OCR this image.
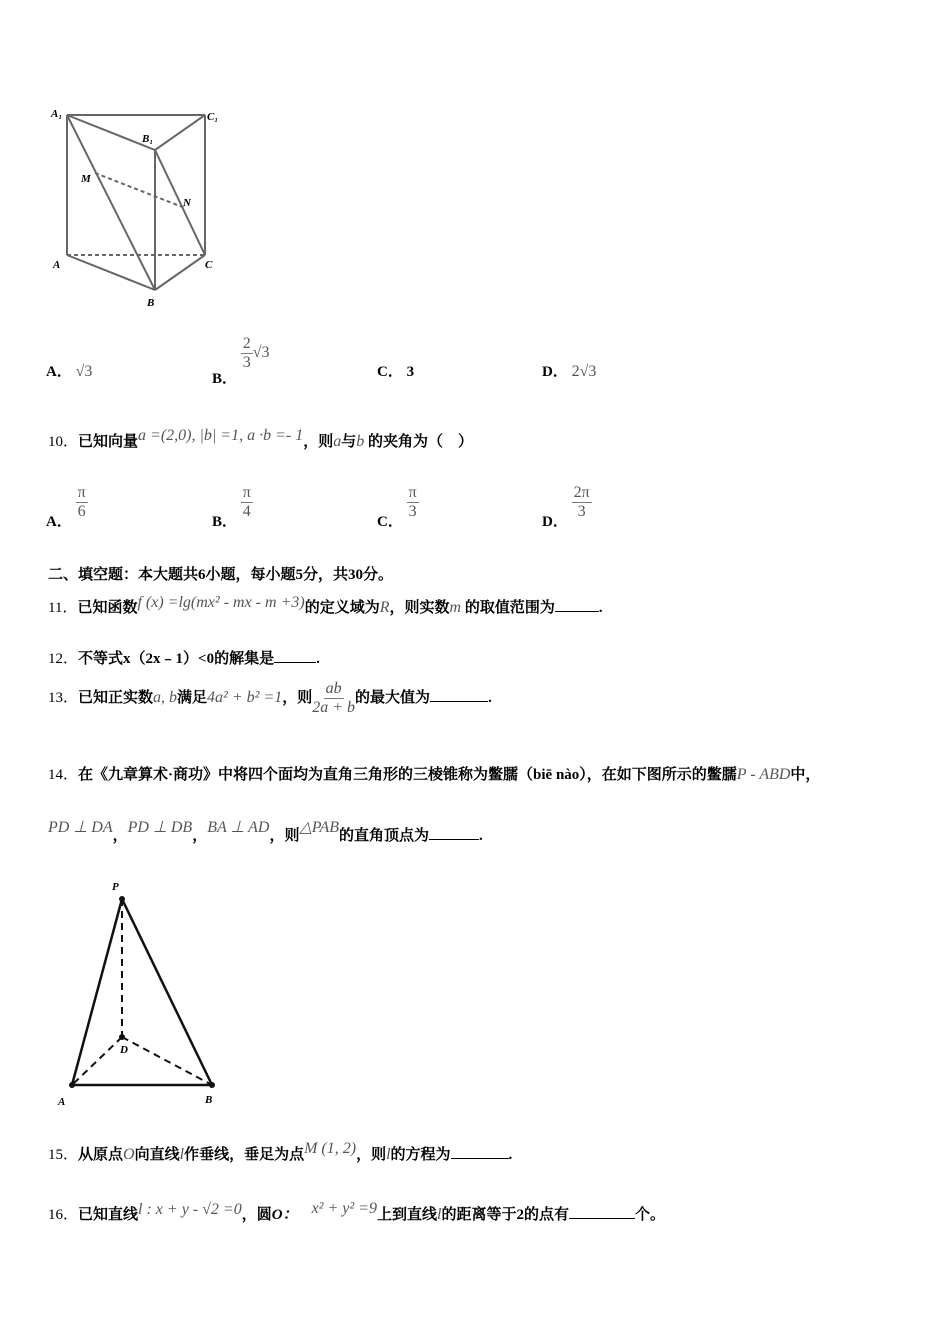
A₁	C₁
B₁
M
N
A	C
B
A． √3	B．
$\frac{2}{3} √3$
C． 3	D． 2√3
10．已知向量a =(2,0), |b| =1, a ·b =- 1，则a与b 的夹角为（　）
A．
$\frac{\pi}{6}$
B．
$\frac{\pi}{4}$
C．
$\frac{\pi}{3}$
D．
$\frac{2\pi}{3}$
二、填空题：本大题共6小题，每小题5分，共30分。
11．已知函数f (x) =lg(mx² - mx - m +3)的定义域为R，则实数m 的取值范围为	.
12．不等式x（2x﹣1）<0的解集是	.
13．已知正实数a, b满足4a² + b² =1，则 $\frac{ab}{2a + b}$ 的最大值为	.
14．在《九章算术·商功》中将四个面均为直角三角形的三棱锥称为鳖臑（biē nào），在如下图所示的鳖臑P - ABD中，
PD ⊥ DA，PD ⊥ DB，BA ⊥ AD，则△PAB的直角顶点为	.
P
D
A	B
15．从原点O向直线l作垂线，垂足为点M (1, 2)，则l的方程为	.
16．已知直线l : x + y - √2 =0，圆O： x² + y² =9上到直线l的距离等于2的点有	个。
